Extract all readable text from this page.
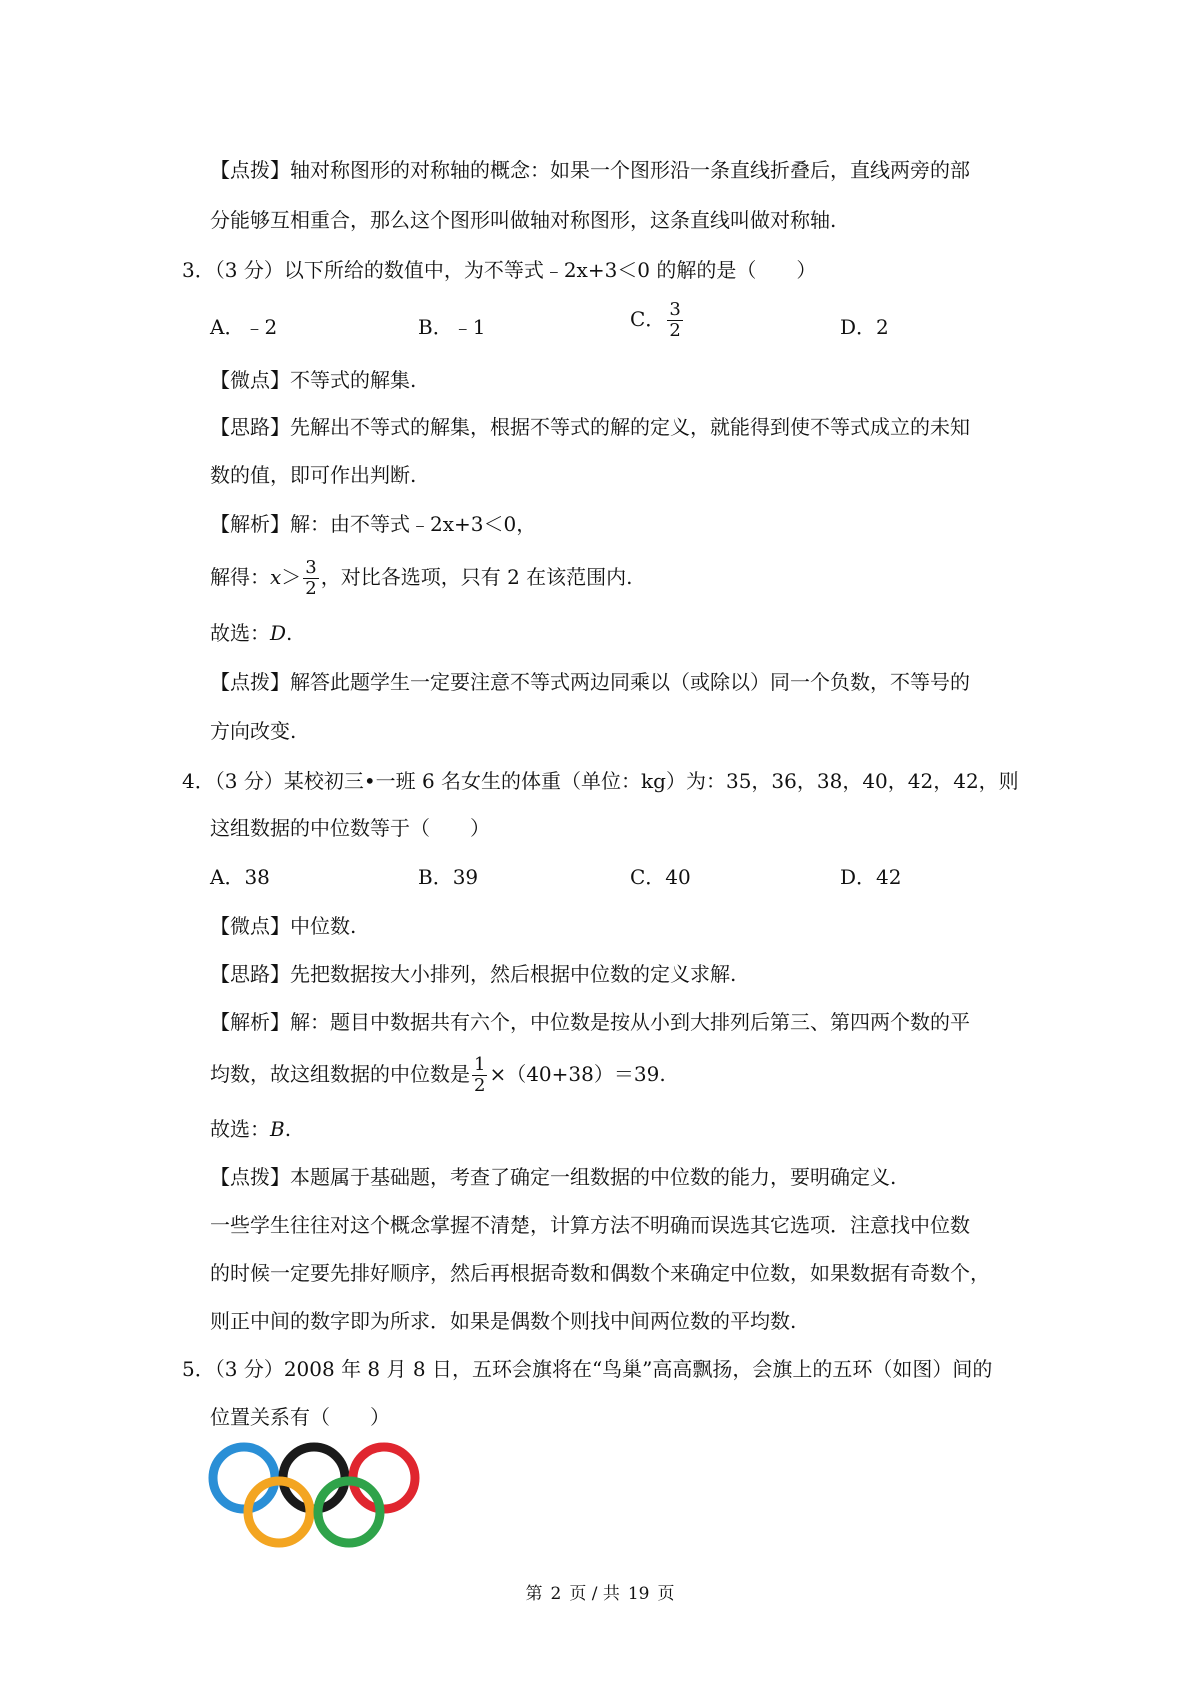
【点拨】轴对称图形的对称轴的概念：如果一个图形沿一条直线折叠后，直线两旁的部
分能够互相重合，那么这个图形叫做轴对称图形，这条直线叫做对称轴.
3．（3 分）以下所给的数值中，为不等式﹣2x+3＜0 的解的是（　　）
A．﹣2	B．﹣1	C． $\frac{3}{2}$	D．2
【微点】不等式的解集.
【思路】先解出不等式的解集，根据不等式的解的定义，就能得到使不等式成立的未知
数的值，即可作出判断.
【解析】解：由不等式﹣2x+3＜0，
解得：$x> \frac{3}{2}$ ，对比各选项，只有 2 在该范围内.
故选：D.
【点拨】解答此题学生一定要注意不等式两边同乘以（或除以）同一个负数，不等号的
方向改变.
4．（3 分）某校初三•一班 6 名女生的体重（单位：kg）为：35，36，38，40，42，42，则
这组数据的中位数等于（　　）
A．38	B．39	C．40	D．42
【微点】中位数.
【思路】先把数据按大小排列，然后根据中位数的定义求解.
【解析】解：题目中数据共有六个，中位数是按从小到大排列后第三、第四两个数的平
均数，故这组数据的中位数是 $\frac{1}{2} \times(40+38)=39$.
故选：B.
【点拨】本题属于基础题，考查了确定一组数据的中位数的能力，要明确定义.
一些学生往往对这个概念掌握不清楚，计算方法不明确而误选其它选项．注意找中位数
的时候一定要先排好顺序，然后再根据奇数和偶数个来确定中位数，如果数据有奇数个，
则正中间的数字即为所求．如果是偶数个则找中间两位数的平均数.
5．（3 分）2008 年 8 月 8 日，五环会旗将在“鸟巢”高高飘扬，会旗上的五环（如图）间的
位置关系有（　　）
第 2 页 / 共 19 页
